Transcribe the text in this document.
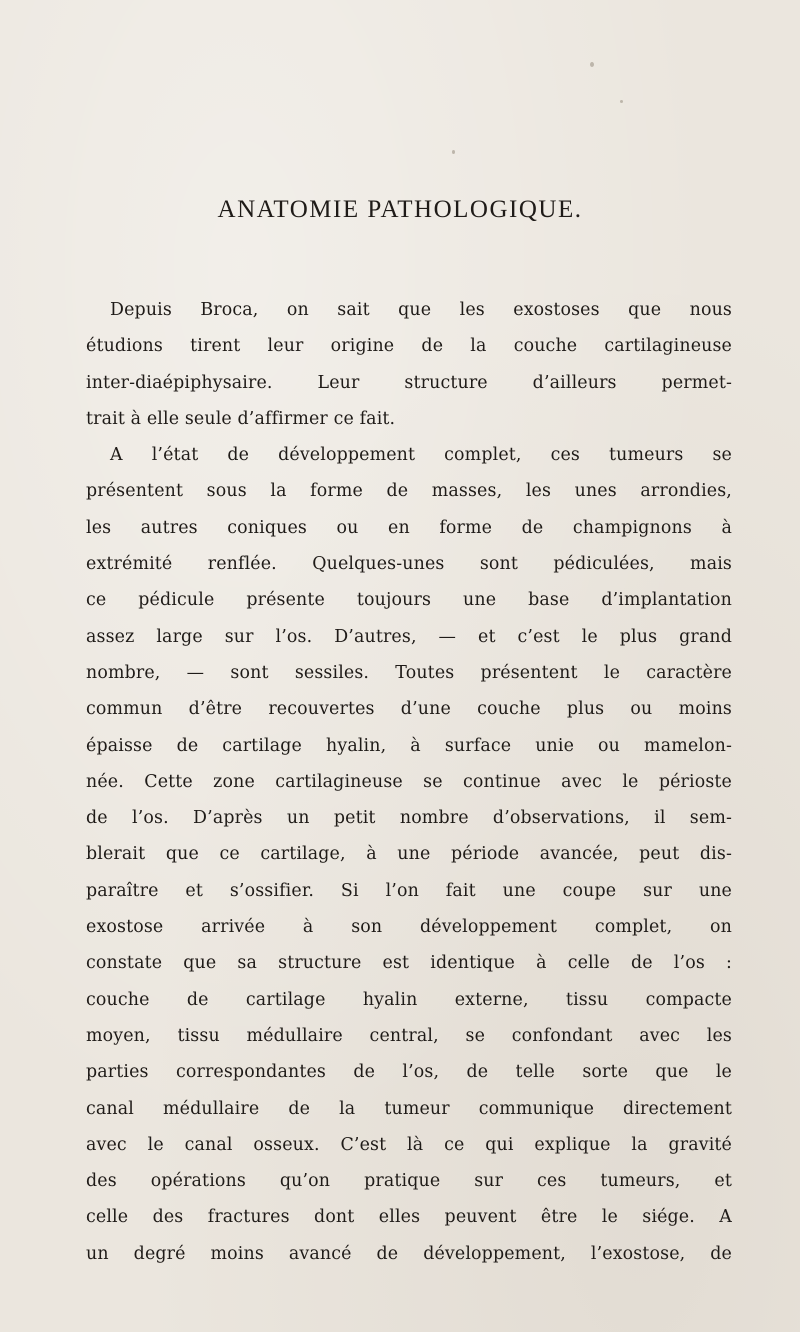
ANATOMIE PATHOLOGIQUE.
Depuis Broca, on sait que les exostoses que nous
étudions tirent leur origine de la couche cartilagineuse
inter-diaépiphysaire. Leur structure d’ailleurs permet-
trait à elle seule d’affirmer ce fait.
A l’état de développement complet, ces tumeurs se
présentent sous la forme de masses, les unes arrondies,
les autres coniques ou en forme de champignons à
extrémité renflée. Quelques-unes sont pédiculées, mais
ce pédicule présente toujours une base d’implantation
assez large sur l’os. D’autres, — et c’est le plus grand
nombre, — sont sessiles. Toutes présentent le caractère
commun d’être recouvertes d’une couche plus ou moins
épaisse de cartilage hyalin, à surface unie ou mamelon-
née. Cette zone cartilagineuse se continue avec le périoste
de l’os. D’après un petit nombre d’observations, il sem-
blerait que ce cartilage, à une période avancée, peut dis-
paraître et s’ossifier. Si l’on fait une coupe sur une
exostose arrivée à son développement complet, on
constate que sa structure est identique à celle de l’os :
couche de cartilage hyalin externe, tissu compacte
moyen, tissu médullaire central, se confondant avec les
parties correspondantes de l’os, de telle sorte que le
canal médullaire de la tumeur communique directement
avec le canal osseux. C’est là ce qui explique la gravité
des opérations qu’on pratique sur ces tumeurs, et
celle des fractures dont elles peuvent être le siége. A
un degré moins avancé de développement, l’exostose, de
